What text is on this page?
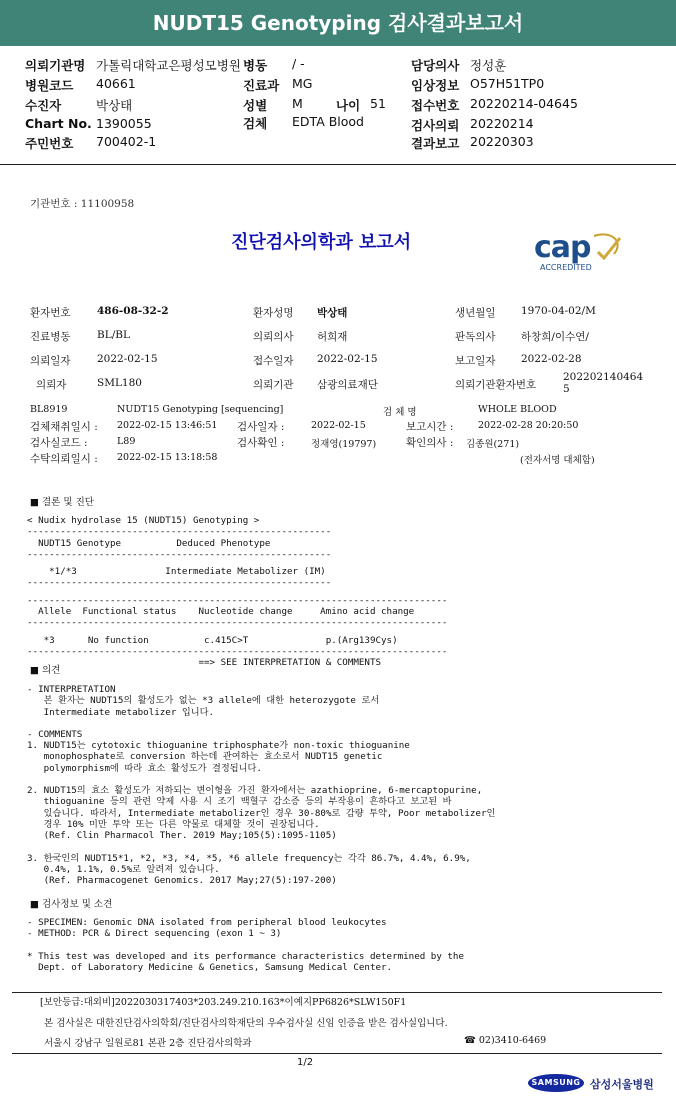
NUDT15 Genotyping 검사결과보고서
의뢰기관명 가톨릭대학교은평성모병원 병동 / -	담당의사 정성훈
병원코드 40661	진료과 MG	임상정보 O57H51TP0
수진자	박상태	성별 M	나이 51 접수번호 20220214-04645
Chart No. 1390055	검체 EDTA Blood	검사의뢰 20220214
주민번호 700402-1	결과보고 20220303
기관번호 : 11100958
진단검사의학과 보고서	cap
ACCREDITED
환자번호	486-08-32-2	환자성명 박상태	생년월일 1970-04-02/M
진료병동	BL/BL	의뢰의사 허희재	판독의사 하창희/이수연/
의뢰일자	2022-02-15	접수일자 2022-02-15	보고일자 2022-02-28
의뢰자	SML180	의뢰기관 삼광의료재단	의뢰기관환자번호
202202140464
5
BL8919	NUDT15 Genotyping [sequencing]	검 체 명	WHOLE BLOOD
검체채취일시 : 2022-02-15 13:46:51 검사일자 :	2022-02-15	보고시간 :	2022-02-28 20:20:50
검사실코드 :	L89	검사확인 :	정재영(19797)	확인의사 : 김종원(271)
수탁의뢰일시 : 2022-02-15 13:18:58	(전자서명 대체함)
■ 결론 및 진단
< Nudix hydrolase 15 (NUDT15) Genotyping >
-------------------------------------------------------
NUDT15 Genotype          Deduced Phenotype
-------------------------------------------------------
*1/*3                Intermediate Metabolizer (IM)
-------------------------------------------------------
----------------------------------------------------------------------------
Allele  Functional status    Nucleotide change     Amino acid change
----------------------------------------------------------------------------
*3      No function          c.415C>T              p.(Arg139Cys)
----------------------------------------------------------------------------
==> SEE INTERPRETATION & COMMENTS
■ 의견
- INTERPRETATION
본 환자는 NUDT15의 활성도가 없는 *3 allele에 대한 heterozygote 로서
Intermediate metabolizer 입니다.
- COMMENTS
1. NUDT15는 cytotoxic thioguanine triphosphate가 non-toxic thioguanine
monophosphate로 conversion 하는데 관여하는 효소로서 NUDT15 genetic
polymorphism에 따라 효소 활성도가 결정됩니다.
2. NUDT15의 효소 활성도가 저하되는 변이형을 가진 환자에서는 azathioprine, 6-mercaptopurine,
thioguanine 등의 관련 약제 사용 시 조기 백혈구 감소증 등의 부작용이 흔하다고 보고된 바
있습니다. 따라서, Intermediate metabolizer인 경우 30-80%로 감량 투약, Poor metabolizer인
경우 10% 미만 투약 또는 다른 약물로 대체할 것이 권장됩니다.
(Ref. Clin Pharmacol Ther. 2019 May;105(5):1095-1105)
3. 한국인의 NUDT15*1, *2, *3, *4, *5, *6 allele frequency는 각각 86.7%, 4.4%, 6.9%,
0.4%, 1.1%, 0.5%로 알려져 있습니다.
(Ref. Pharmacogenet Genomics. 2017 May;27(5):197-200)
■ 검사정보 및 소견
- SPECIMEN: Genomic DNA isolated from peripheral blood leukocytes
- METHOD: PCR & Direct sequencing (exon 1 ~ 3)
* This test was developed and its performance characteristics determined by the
Dept. of Laboratory Medicine & Genetics, Samsung Medical Center.
[보안등급:대외비]2022030317403*203.249.210.163*이예지PP6826*SLW150F1
본 검사실은 대한진단검사의학회/진단검사의학재단의 우수검사실 신임 인증을 받은 검사실입니다.
서울시 강남구 일원로81 본관 2층 진단검사의학과	☎ 02)3410-6469
1/2
SAMSUNG 삼성서울병원
